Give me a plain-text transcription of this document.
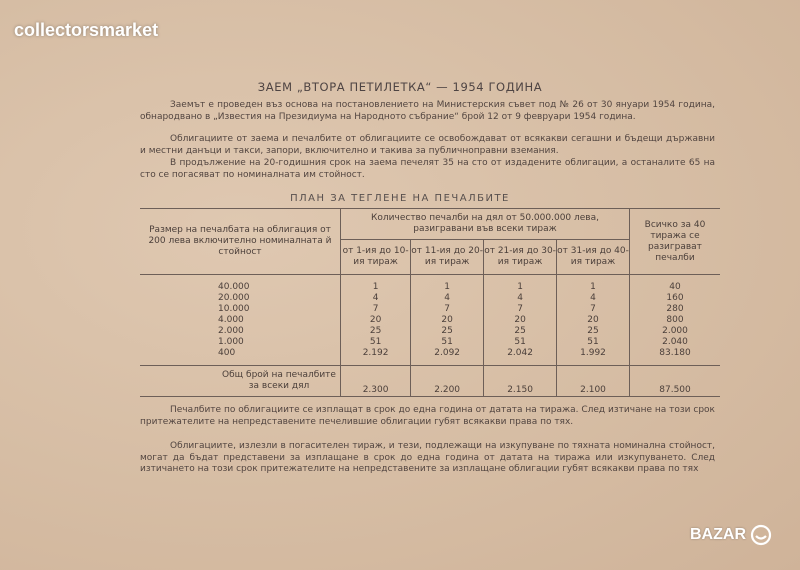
collectorsmarket
ЗАЕМ „ВТОРА ПЕТИЛЕТКА“ — 1954 ГОДИНА

Заемът е проведен въз основа на постановлението на Министерския съвет под № 26 от 30 януари 1954 година, обнародвано в „Известия на Президиума на Народното събрание“ брой 12 от 9 февруари 1954 година.

Облигациите от заема и печалбите от облигациите се освобождават от всякакви сегашни и бъдещи държавни и местни данъци и такси, запори, включително и такива за публичноправни вземания.

В продължение на 20-годишния срок на заема печелят 35 на сто от издадените облигации, а останалите 65 на сто се погасяват по номиналната им стойност.

ПЛАН ЗА ТЕГЛЕНЕ НА ПЕЧАЛБИТЕ
Размер на печалбата на облигация от 200 лева включително номиналната й стойност	Количество печалби на дял от 50.000.000 лева, разигравани във всеки тираж				Всичко за 40 тиража се разиграват печалби
	от 1-ия до 10-ия тираж	от 11-ия до 20-ия тираж	от 21-ия до 30-ия тираж	от 31-ия до 40-ия тираж	

40.000	1	1	1	1	40
20.000	4	4	4	4	160
10.000	7	7	7	7	280
4.000	20	20	20	20	800
2.000	25	25	25	25	2.000
1.000	51	51	51	51	2.040
400	2.192	2.092	2.042	1.992	83.180

Общ брой на печалбите за всеки дял	2.300	2.200	2.150	2.100	87.500

Печалбите по облигациите се изплащат в срок до една година от датата на тиража. След изтичане на този срок притежателите на непредставените печелившие облигации губят всякакви права по тях.

Облигациите, излезли в погасителен тираж, и тези, подлежащи на изкупуване по тяхната номинална стойност, могат да бъдат представени за изплащане в срок до една година от датата на тиража или изкупуването. След изтичането на този срок притежателите на непредставените за изплащане облигации губят всякакви права по тях

BAZAR
